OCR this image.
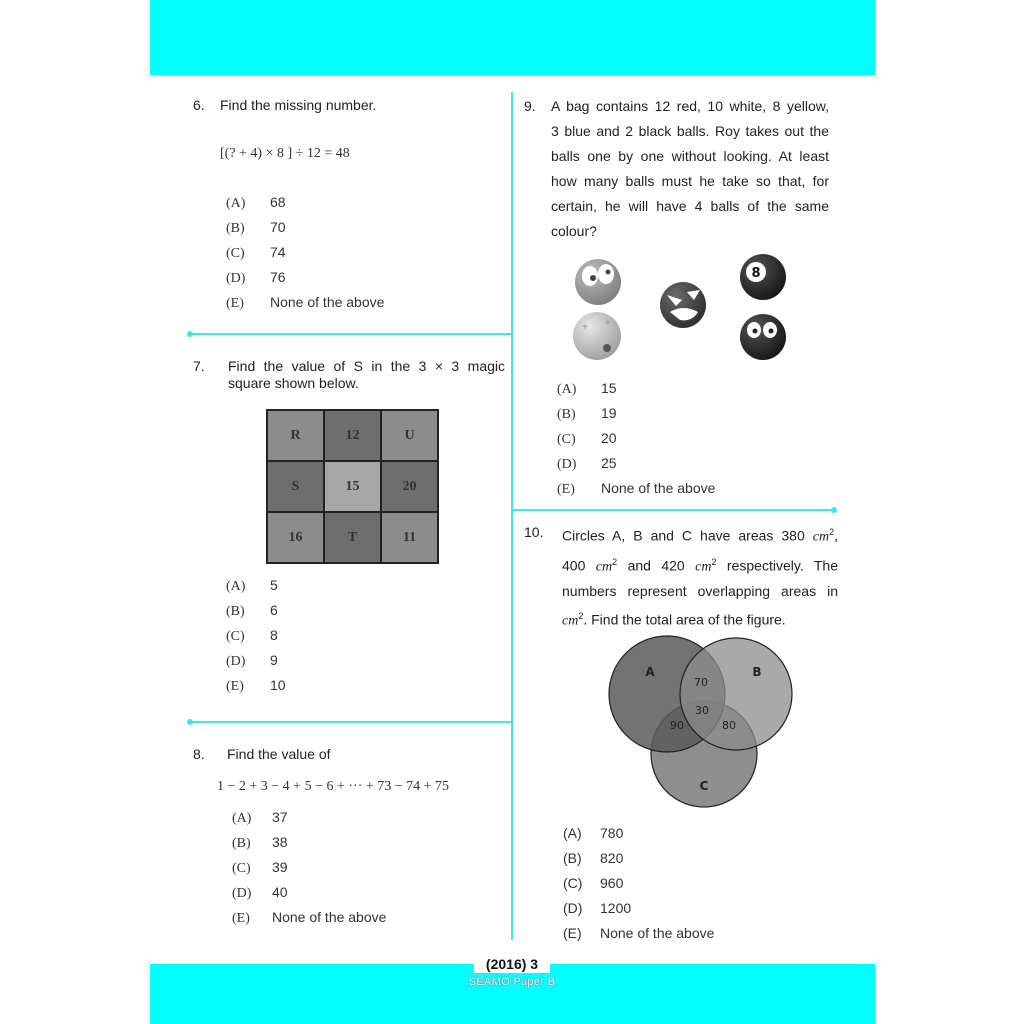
6. Find the missing number.
[(? + 4) × 8 ] ÷ 12 = 48
(A) 68
(B) 70
(C) 74
(D) 76
(E) None of the above
7. Find the value of S in the 3 × 3 magic square shown below.
R	12	U
S	15	20
16	T	11
(A) 5
(B) 6
(C) 8
(D) 9
(E) 10
8. Find the value of
1 − 2 + 3 − 4 + 5 − 6 + ··· + 73 − 74 + 75
(A) 37
(B) 38
(C) 39
(D) 40
(E) None of the above
9. A bag contains 12 red, 10 white, 8 yellow,
3 blue and 2 black balls. Roy takes out the
balls one by one without looking. At least
how many balls must he take so that, for
certain, he will have 4 balls of the same
colour?
+ +
8
(A) 15
(B) 19
(C) 20
(D) 25
(E) None of the above
10. Circles A, B and C have areas 380 $cm^2$,
400 $cm^2$ and 420 $cm^2$ respectively. The
numbers represent overlapping areas in
$cm^2$. Find the total area of the figure.
A	B
C
70
30
90	80
(A) 780
(B) 820
(C) 960
(D) 1200
(E) None of the above
(2016) 3
SEAMO Paper B
